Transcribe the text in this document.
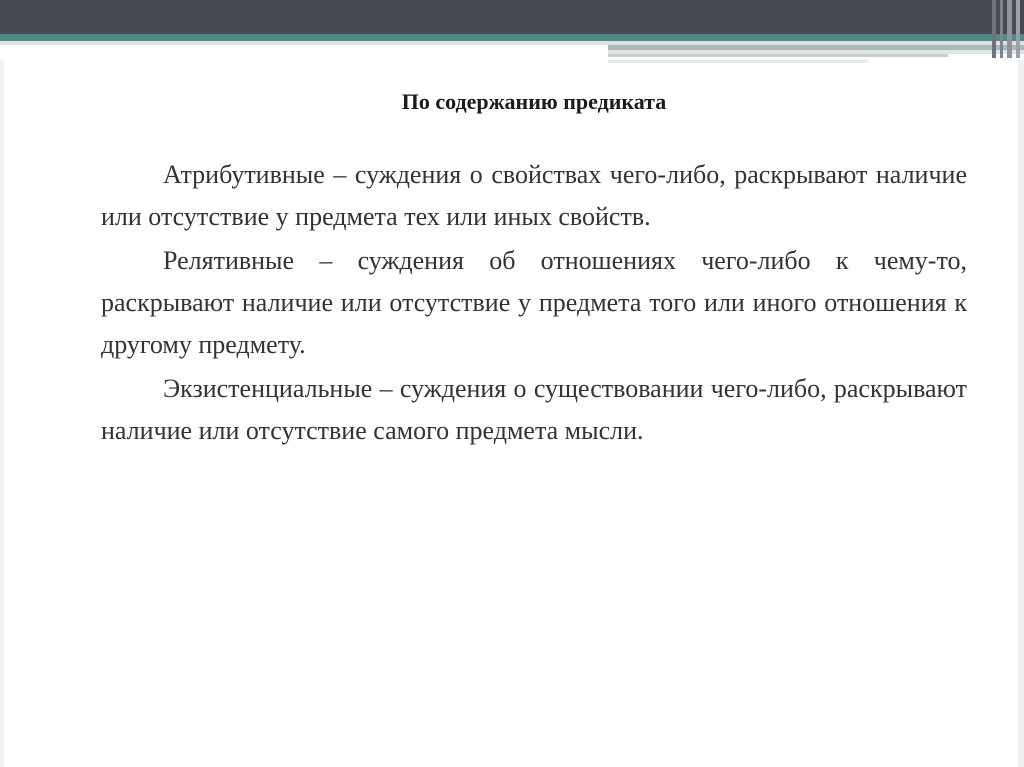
По содержанию предиката

Атрибутивные – суждения о свойствах чего-либо, раскрывают наличие или отсутствие у предмета тех или иных свойств.

Релятивные – суждения об отношениях чего-либо к чему-то, раскрывают наличие или отсутствие у предмета того или иного отношения к другому предмету.

Экзистенциальные – суждения о существовании чего-либо, раскрывают наличие или отсутствие самого предмета мысли.
